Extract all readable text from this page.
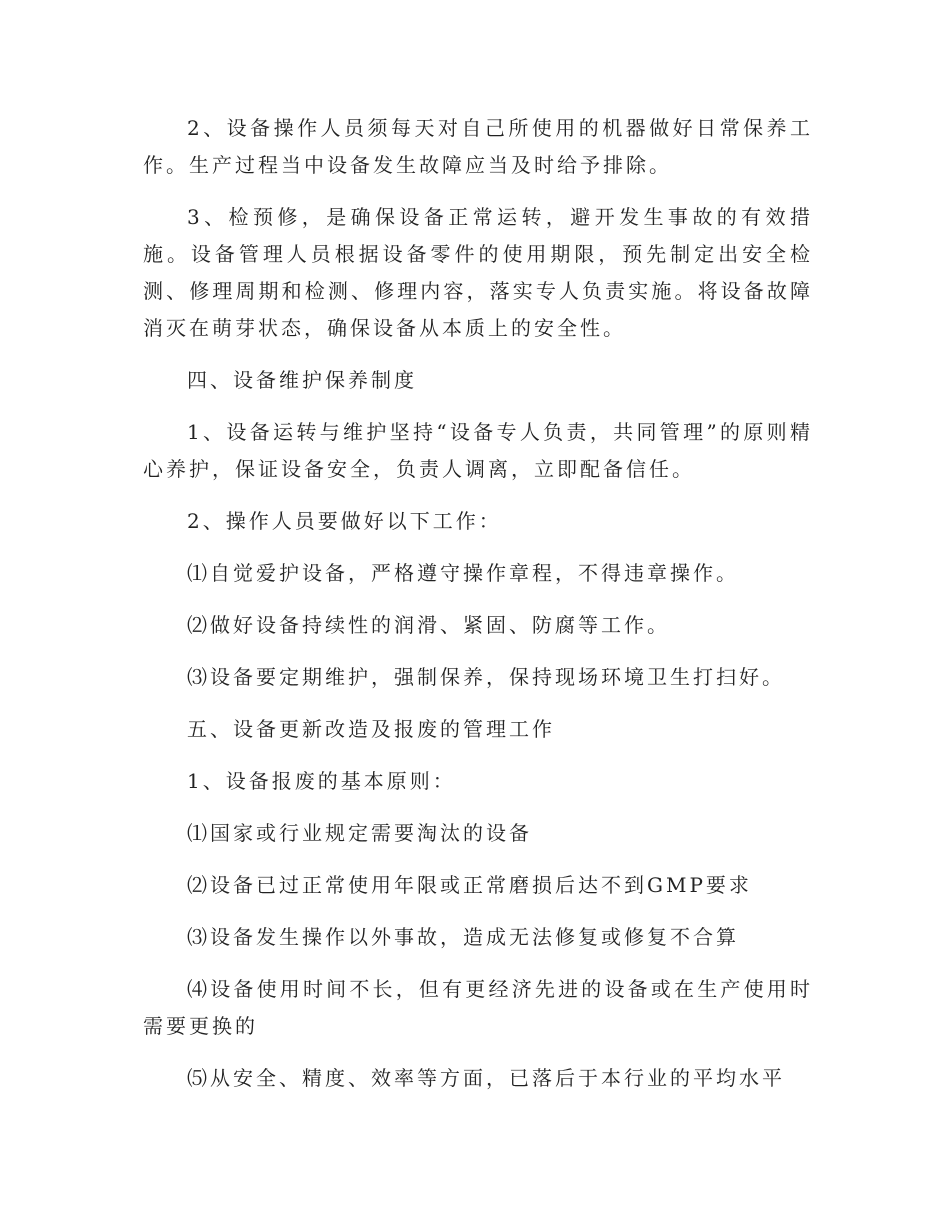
2、设备操作人员须每天对自己所使用的机器做好日常保养工作。生产过程当中设备发生故障应当及时给予排除。

3、检预修，是确保设备正常运转，避开发生事故的有效措施。设备管理人员根据设备零件的使用期限，预先制定出安全检测、修理周期和检测、修理内容，落实专人负责实施。将设备故障消灭在萌芽状态，确保设备从本质上的安全性。

四、设备维护保养制度

1、设备运转与维护坚持“设备专人负责，共同管理”的原则精心养护，保证设备安全，负责人调离，立即配备信任。

2、操作人员要做好以下工作：

⑴自觉爱护设备，严格遵守操作章程，不得违章操作。

⑵做好设备持续性的润滑、紧固、防腐等工作。

⑶设备要定期维护，强制保养，保持现场环境卫生打扫好。

五、设备更新改造及报废的管理工作

1、设备报废的基本原则：

⑴国家或行业规定需要淘汰的设备

⑵设备已过正常使用年限或正常磨损后达不到GMP要求

⑶设备发生操作以外事故，造成无法修复或修复不合算

⑷设备使用时间不长，但有更经济先进的设备或在生产使用时需要更换的

⑸从安全、精度、效率等方面，已落后于本行业的平均水平
